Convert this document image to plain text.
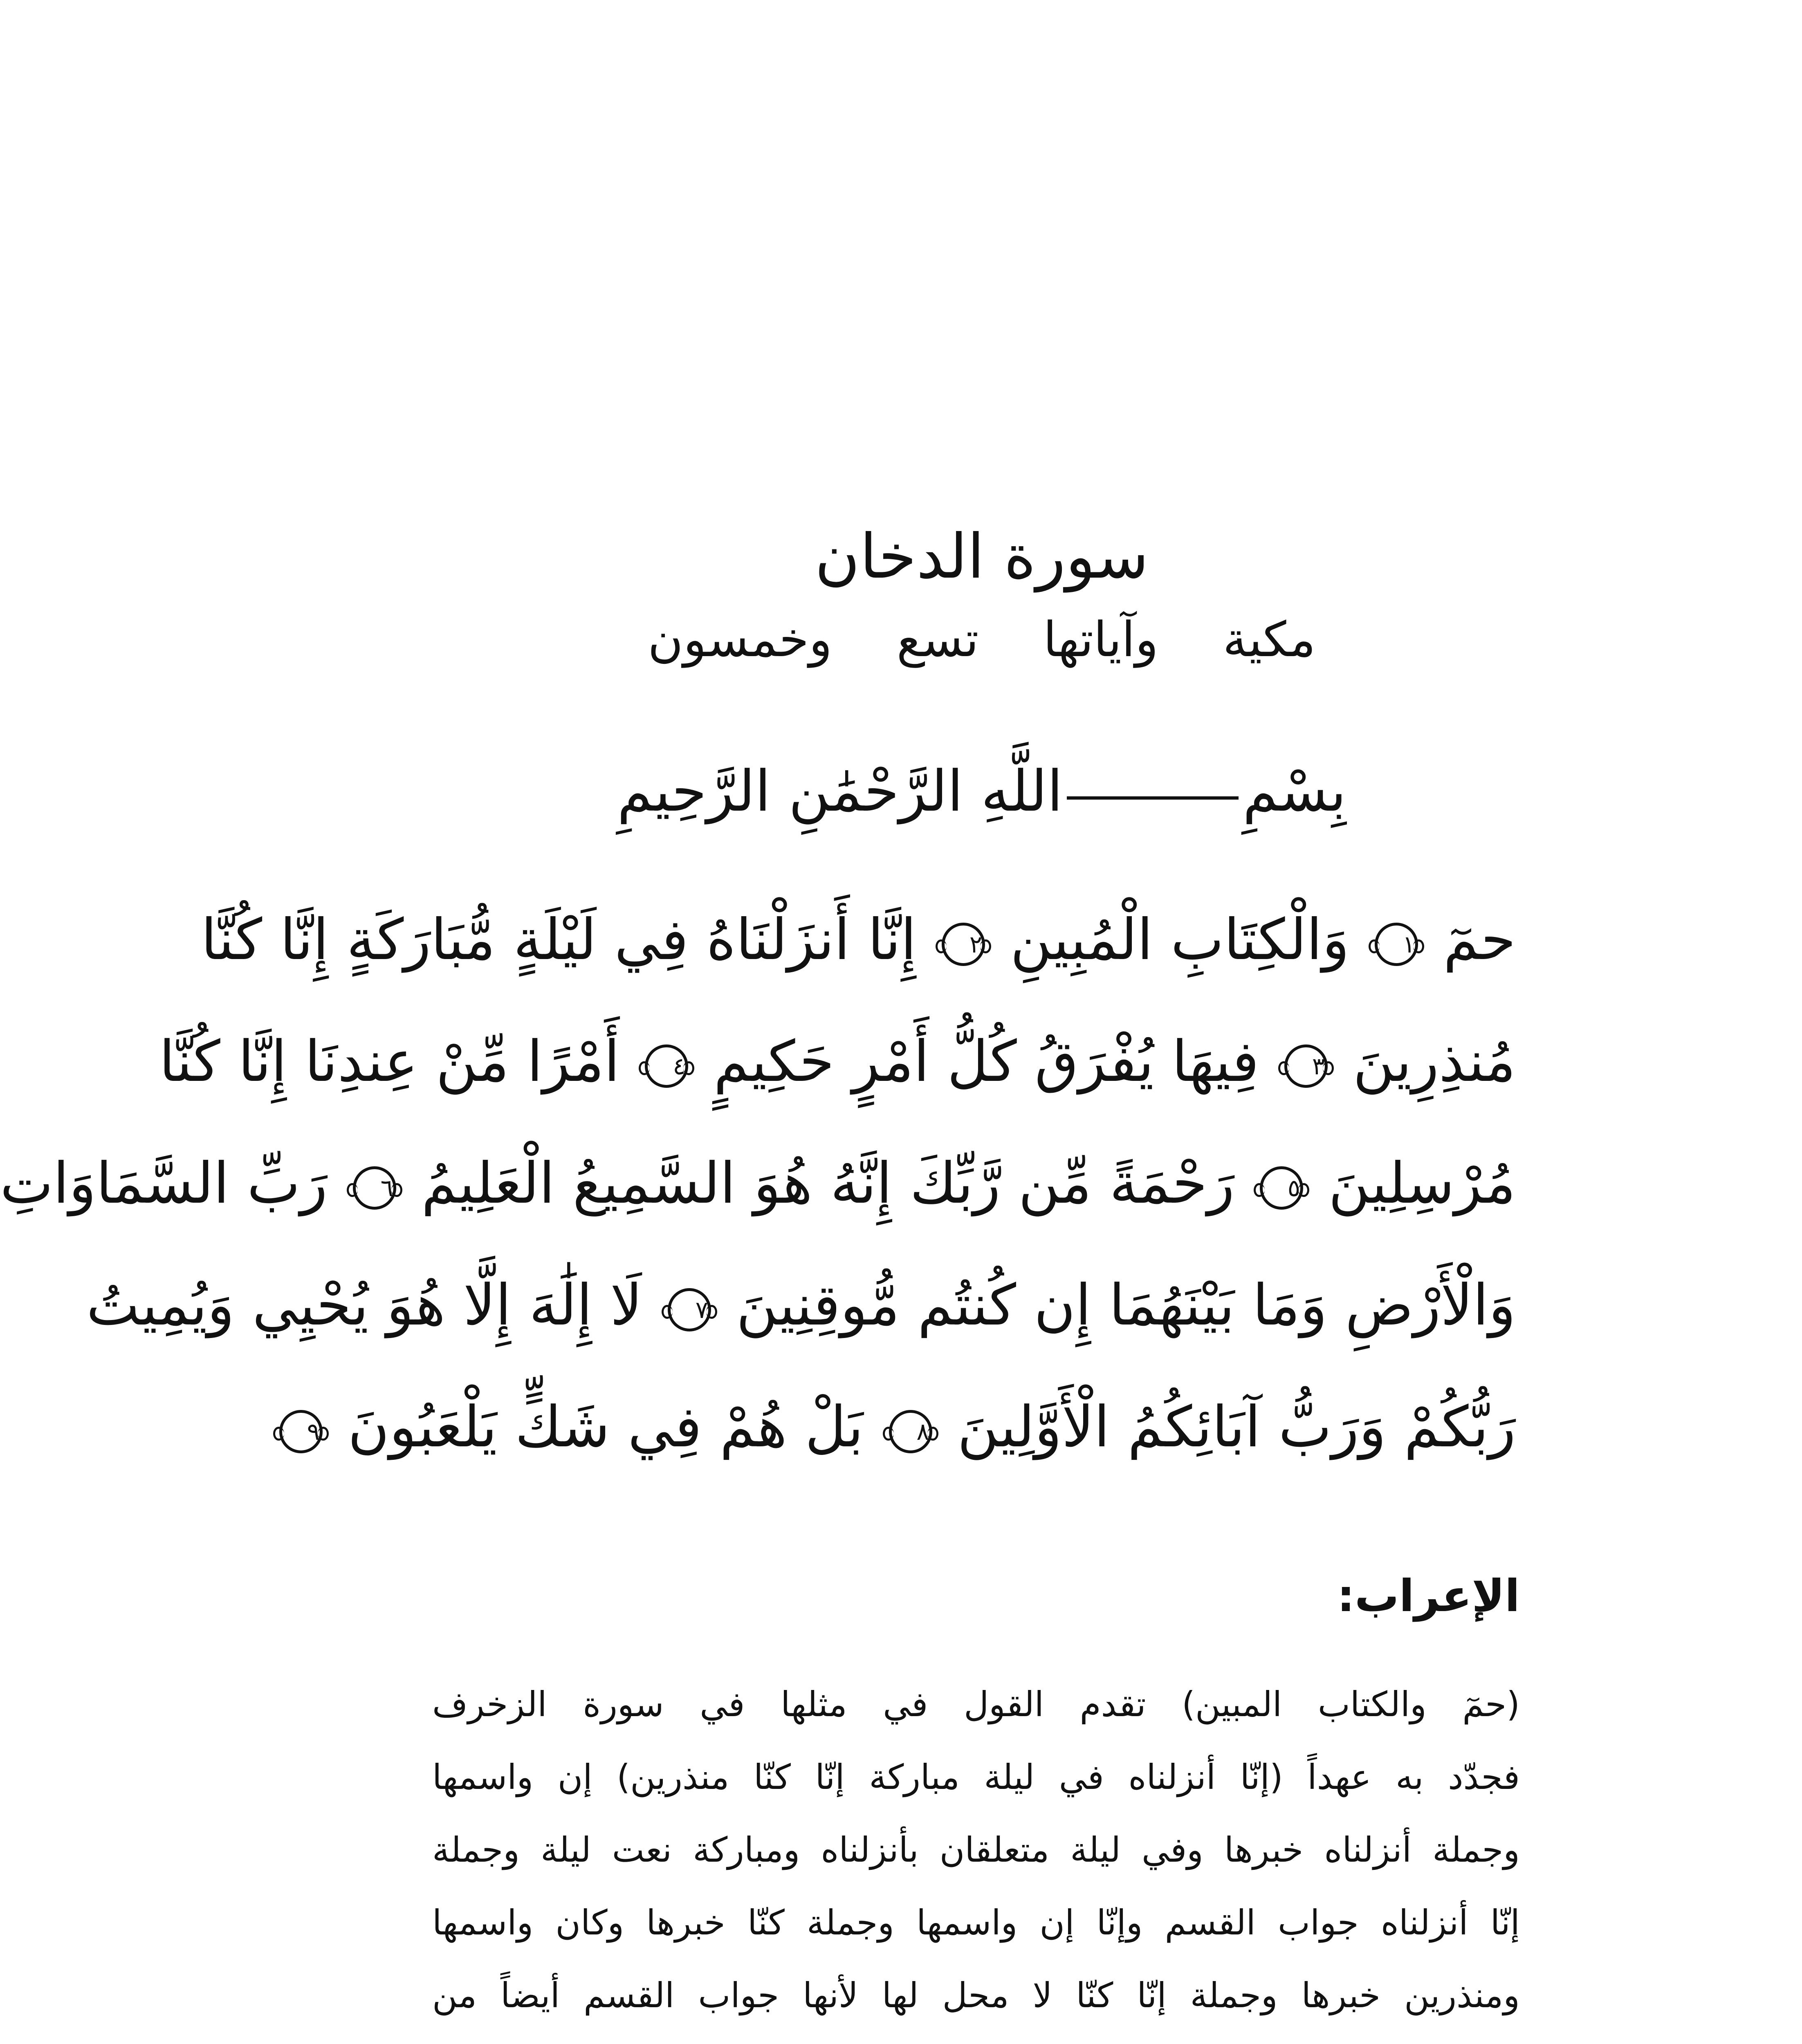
سورة الدخان
مكية وآياتها تسع وخمسون
بِسْمِاللَّهِ الرَّحْمَٰنِ الرَّحِيمِ
حمٓ ١ وَالْكِتَابِ الْمُبِينِ ٢ إِنَّا أَنزَلْنَاهُ فِي لَيْلَةٍ مُّبَارَكَةٍ إِنَّا كُنَّا
مُنذِرِينَ ٣ فِيهَا يُفْرَقُ كُلُّ أَمْرٍ حَكِيمٍ ٤ أَمْرًا مِّنْ عِندِنَا إِنَّا كُنَّا
مُرْسِلِينَ ٥ رَحْمَةً مِّن رَّبِّكَ إِنَّهُ هُوَ السَّمِيعُ الْعَلِيمُ ٦ رَبِّ السَّمَاوَاتِ
وَالْأَرْضِ وَمَا بَيْنَهُمَا إِن كُنتُم مُّوقِنِينَ ٧ لَا إِلَٰهَ إِلَّا هُوَ يُحْيِي وَيُمِيتُ
رَبُّكُمْ وَرَبُّ آبَائِكُمُ الْأَوَّلِينَ ٨ بَلْ هُمْ فِي شَكٍّ يَلْعَبُونَ ٩
الإعراب:
(حمٓ والكتاب المبين) تقدم القول في مثلها في سورة الزخرف
فجدّد به عهداً (إنّا أنزلناه في ليلة مباركة إنّا كنّا منذرين) إن واسمها
وجملة أنزلناه خبرها وفي ليلة متعلقان بأنزلناه ومباركة نعت ليلة وجملة
إنّا أنزلناه جواب القسم وإنّا إن واسمها وجملة كنّا خبرها وكان واسمها
ومنذرين خبرها وجملة إنّا كنّا لا محل لها لأنها جواب القسم أيضاً من
